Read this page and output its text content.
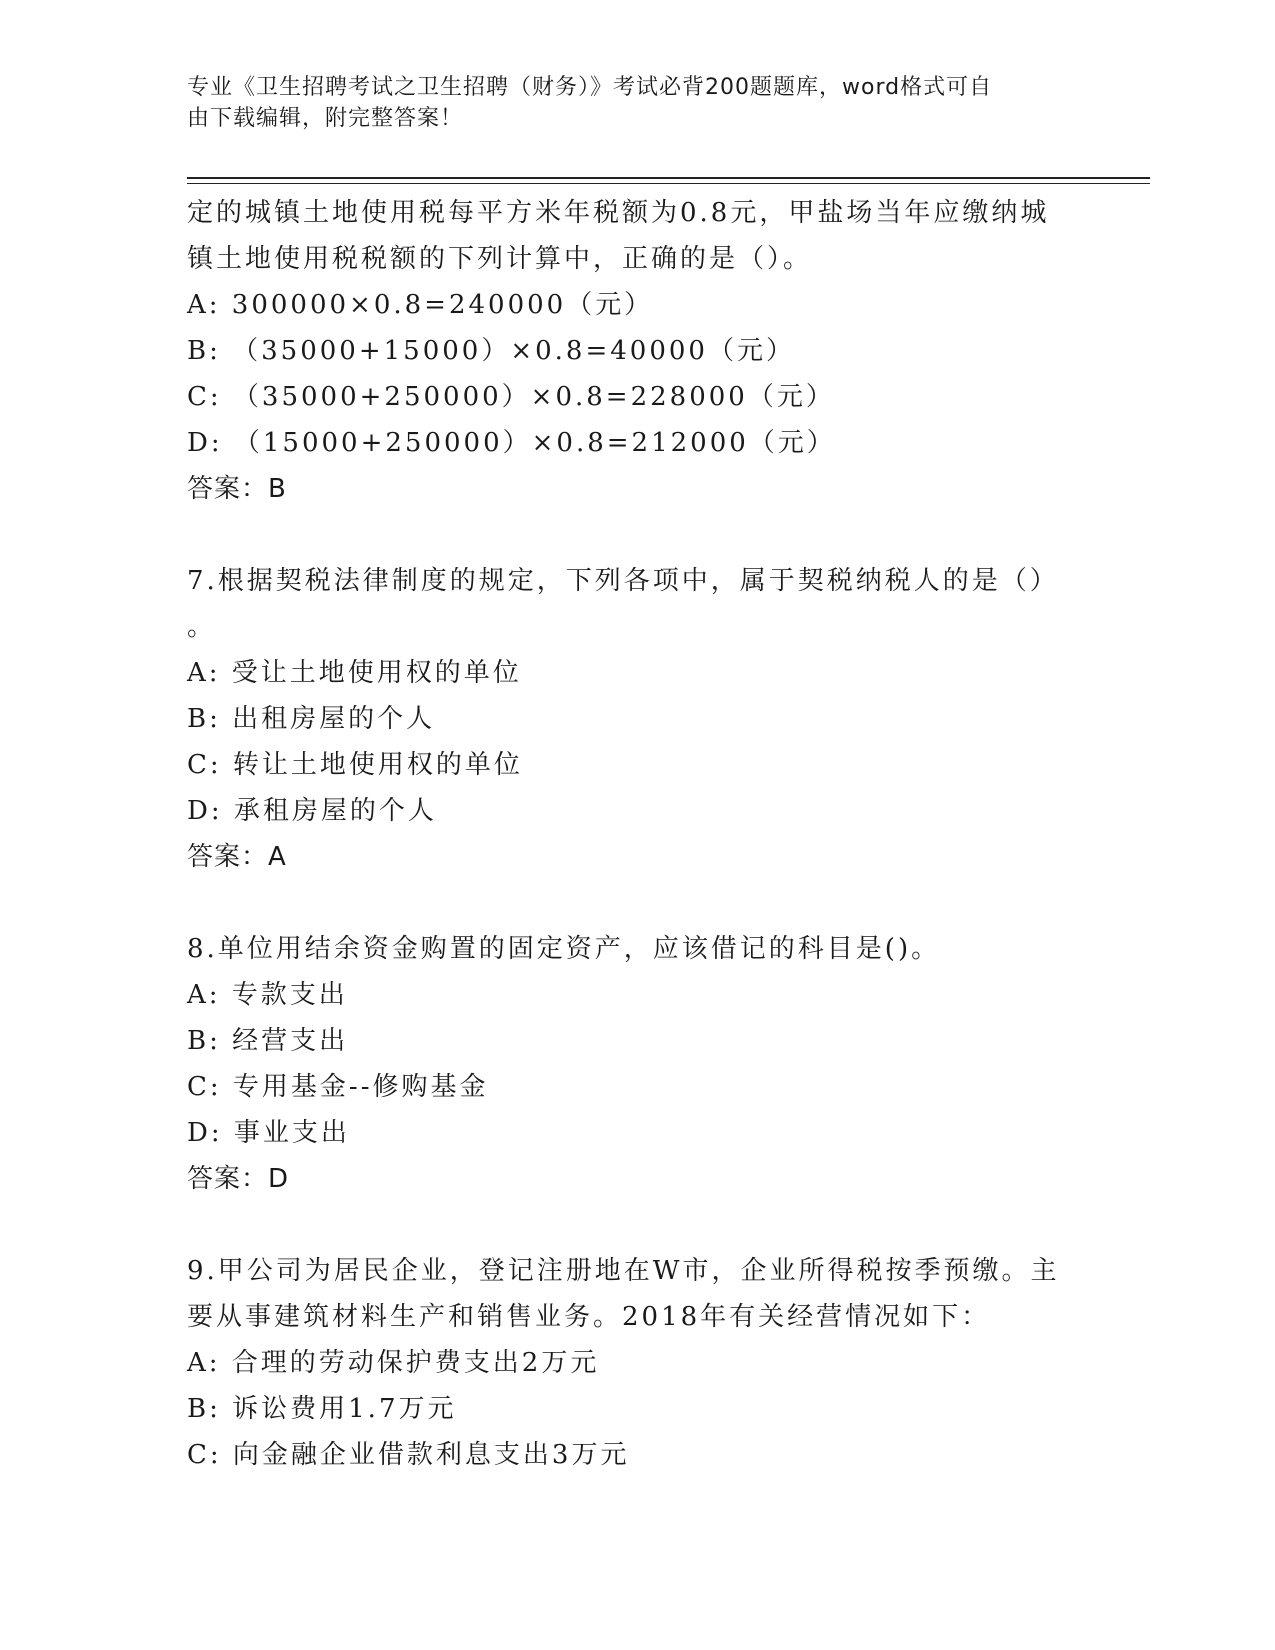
专业《卫生招聘考试之卫生招聘（财务）》考试必背200题题库，word格式可自
由下载编辑，附完整答案！
定的城镇土地使用税每平方米年税额为0.8元，甲盐场当年应缴纳城
镇土地使用税税额的下列计算中，正确的是（）。
A: 300000×0.8=240000（元）
B: （35000+15000）×0.8=40000（元）
C: （35000+250000）×0.8=228000（元）
D: （15000+250000）×0.8=212000（元）
答案：B
7.根据契税法律制度的规定，下列各项中，属于契税纳税人的是（）
。
A: 受让土地使用权的单位
B: 出租房屋的个人
C: 转让土地使用权的单位
D: 承租房屋的个人
答案：A
8.单位用结余资金购置的固定资产，应该借记的科目是()。
A: 专款支出
B: 经营支出
C: 专用基金--修购基金
D: 事业支出
答案：D
9.甲公司为居民企业，登记注册地在W市，企业所得税按季预缴。主
要从事建筑材料生产和销售业务。2018年有关经营情况如下：
A: 合理的劳动保护费支出2万元
B: 诉讼费用1.7万元
C: 向金融企业借款利息支出3万元
